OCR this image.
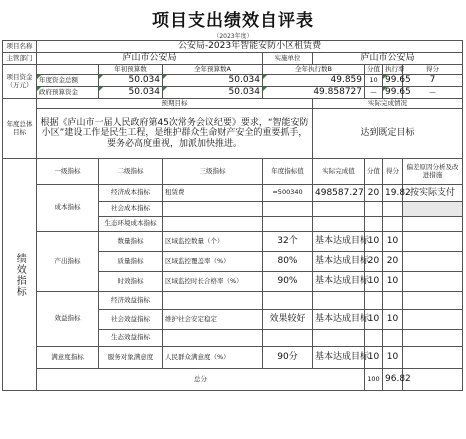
项目支出绩效自评表
（2023年度）
项目名称	公安局-2023年智能安防小区租赁费							
主管部门	庐山市公安局			实施单位	庐山市公安局			
项目资金（万元）		年初预算数	全年预算数A	全年执行数B		分值	执行率	得分
	年度资金总额	50.034	50.034	49.859		10	99.65	7
	政府预算资金	50.034	50.034	49.858727		—	99.65	—
年度总体目标	预期目标				实际完成情况			
	根据《庐山市一届人民政府第45次常务会议纪要》要求，“智能安防小区”建设工作是民生工程，是维护群众生命财产安全的重要抓手，要务必高度重视，加派加快推进。				达到既定目标			
绩效指标	一级指标	二级指标	三级指标	年度指标值	实际完成值	分值	得分	偏差原因分析及改进措施
	成本指标	经济成本指标	租赁费	=500340	498587.27	20	19.82	按实际支付
		社会成本指标						
		生态环境成本指标						
	产出指标	数量指标	区域监控数量（个）	32个	基本达成目标	10	10	
		质量指标	区域监控覆盖率（%）	80%	基本达成目标	20	20	
		时效指标	区域监控时长合格率（%）	90%	基本达成目标	10	10	
	效益指标	经济效益指标						
		社会效益指标	维护社会安定稳定	效果较好	基本达成目标	10	10	
		生态效益指标						
	满意度指标	服务对象满意度	人民群众满意度（%）	90分	基本达成目标	10	10	
	总分					100	96.82	
